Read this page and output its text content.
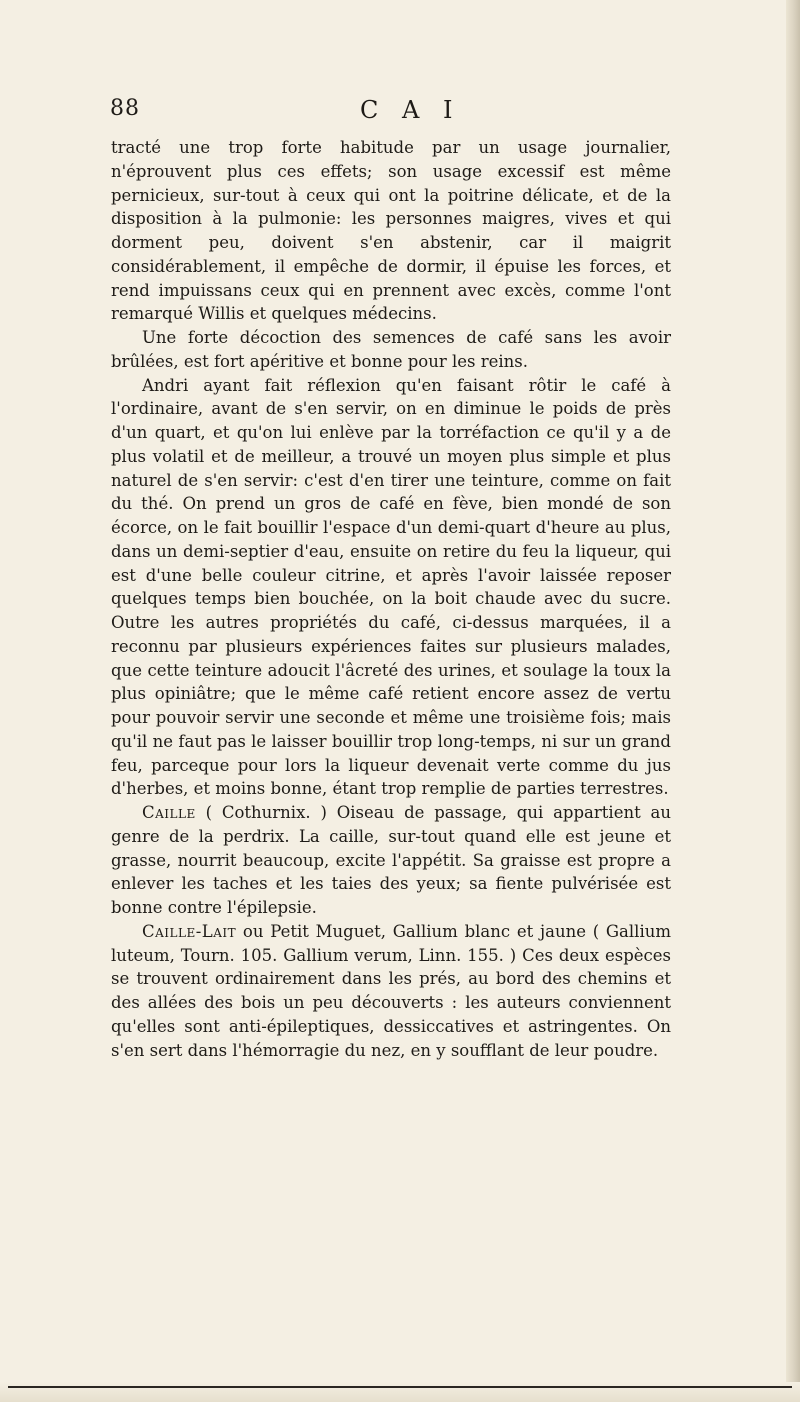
88	C A I

tracté une trop forte habitude par un usage journalier, n'éprouvent plus ces effets; son usage excessif est même pernicieux, sur-tout à ceux qui ont la poitrine délicate, et de la disposition à la pulmonie: les personnes maigres, vives et qui dorment peu, doivent s'en abstenir, car il maigrit considérablement, il empêche de dormir, il épuise les forces, et rend impuissans ceux qui en prennent avec excès, comme l'ont remarqué Willis et quelques médecins.

Une forte décoction des semences de café sans les avoir brûlées, est fort apéritive et bonne pour les reins.

Andri ayant fait réflexion qu'en faisant rôtir le café à l'ordinaire, avant de s'en servir, on en diminue le poids de près d'un quart, et qu'on lui enlève par la torréfaction ce qu'il y a de plus volatil et de meilleur, a trouvé un moyen plus simple et plus naturel de s'en servir: c'est d'en tirer une teinture, comme on fait du thé. On prend un gros de café en fève, bien mondé de son écorce, on le fait bouillir l'espace d'un demi-quart d'heure au plus, dans un demi-septier d'eau, ensuite on retire du feu la liqueur, qui est d'une belle couleur citrine, et après l'avoir laissée reposer quelques temps bien bouchée, on la boit chaude avec du sucre. Outre les autres propriétés du café, ci-dessus marquées, il a reconnu par plusieurs expériences faites sur plusieurs malades, que cette teinture adoucit l'âcreté des urines, et soulage la toux la plus opiniâtre; que le même café retient encore assez de vertu pour pouvoir servir une seconde et même une troisième fois; mais qu'il ne faut pas le laisser bouillir trop long-temps, ni sur un grand feu, parceque pour lors la liqueur devenait verte comme du jus d'herbes, et moins bonne, étant trop remplie de parties terrestres.

Caille ( Cothurnix. ) Oiseau de passage, qui appartient au genre de la perdrix. La caille, sur-tout quand elle est jeune et grasse, nourrit beaucoup, excite l'appétit. Sa graisse est propre a enlever les taches et les taies des yeux; sa fiente pulvérisée est bonne contre l'épilepsie.

Caille-Lait ou Petit Muguet, Gallium blanc et jaune ( Gallium luteum, Tourn. 105. Gallium verum, Linn. 155. ) Ces deux espèces se trouvent ordinairement dans les prés, au bord des chemins et des allées des bois un peu découverts : les auteurs conviennent qu'elles sont anti-épileptiques, dessiccatives et astringentes. On s'en sert dans l'hémorragie du nez, en y soufflant de leur poudre.
